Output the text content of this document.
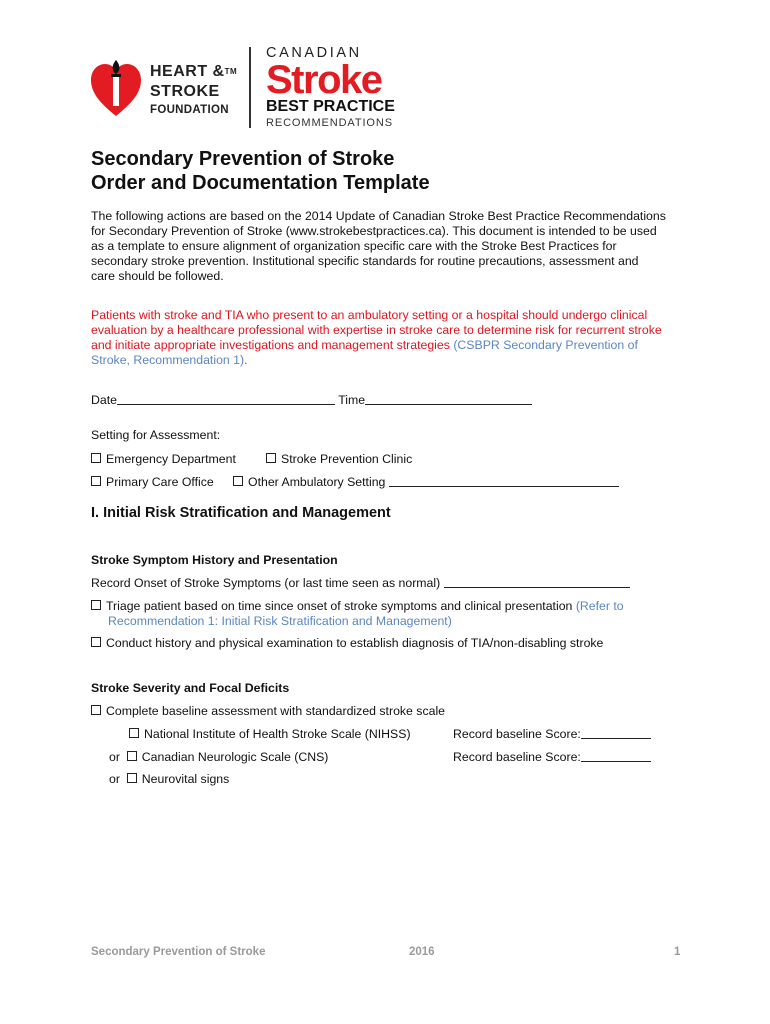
HEART &™
STROKE
FOUNDATION
CANADIAN
Stroke
BEST PRACTICE
RECOMMENDATIONS
Secondary Prevention of Stroke
Order and Documentation Template
The following actions are based on the 2014 Update of Canadian Stroke Best Practice Recommendations
for Secondary Prevention of Stroke (www.strokebestpractices.ca). This document is intended to be used
as a template to ensure alignment of organization specific care with the Stroke Best Practices for
secondary stroke prevention. Institutional specific standards for routine precautions, assessment and
care should be followed.
Patients with stroke and TIA who present to an ambulatory setting or a hospital should undergo clinical
evaluation by a healthcare professional with expertise in stroke care to determine risk for recurrent stroke
and initiate appropriate investigations and management strategies (CSBPR Secondary Prevention of
Stroke, Recommendation 1).
Date	Time
Setting for Assessment:
Emergency Department	Stroke Prevention Clinic
Primary Care Office	Other Ambulatory Setting
I. Initial Risk Stratification and Management
Stroke Symptom History and Presentation
Record Onset of Stroke Symptoms (or last time seen as normal)
Triage patient based on time since onset of stroke symptoms and clinical presentation (Refer to
Recommendation 1: Initial Risk Stratification and Management)
Conduct history and physical examination to establish diagnosis of TIA/non-disabling stroke
Stroke Severity and Focal Deficits
Complete baseline assessment with standardized stroke scale
National Institute of Health Stroke Scale (NIHSS)	Record baseline Score:
or Canadian Neurologic Scale (CNS)	Record baseline Score:
or Neurovital signs
Secondary Prevention of Stroke	2016	1
